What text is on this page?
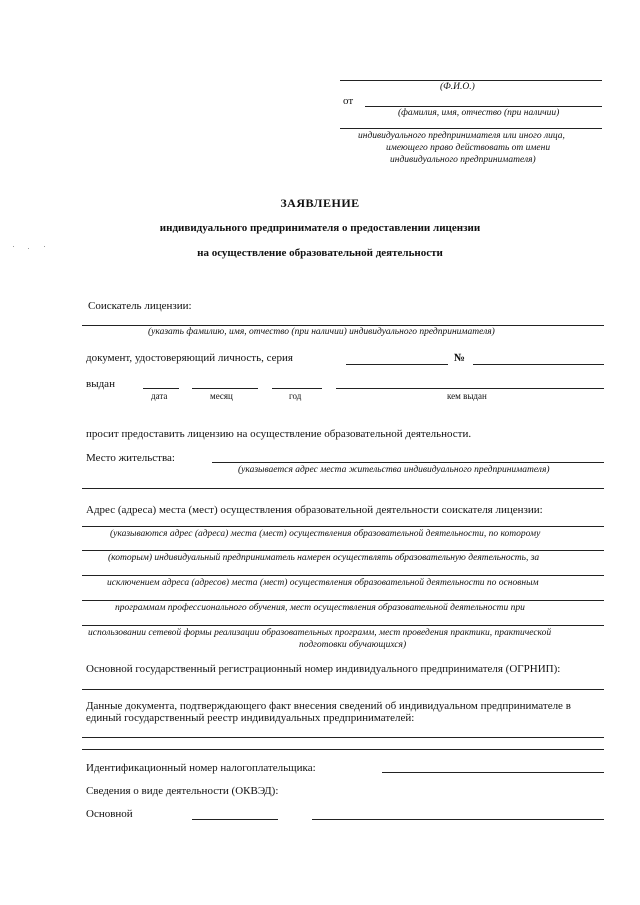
(Ф.И.О.)
от
(фамилия, имя, отчество (при наличии)
индивидуального предпринимателя или иного лица,
имеющего право действовать от имени
индивидуального предпринимателя)
ЗАЯВЛЕНИЕ
индивидуального предпринимателя о предоставлении лицензии
на осуществление образовательной деятельности
Соискатель лицензии:
(указать фамилию, имя, отчество (при наличии) индивидуального предпринимателя)
документ, удостоверяющий личность, серия	№
выдан
дата	месяц	год	кем выдан
просит предоставить лицензию на осуществление образовательной деятельности.
Место жительства:
(указывается адрес места жительства индивидуального предпринимателя)
Адрес (адреса) места (мест) осуществления образовательной деятельности соискателя лицензии:
(указываются адрес (адреса) места (мест) осуществления образовательной деятельности, по которому
(которым) индивидуальный предприниматель намерен осуществлять образовательную деятельность, за
исключением адреса (адресов) места (мест) осуществления образовательной деятельности по основным
программам профессионального обучения, мест осуществления образовательной деятельности при
использовании сетевой формы реализации образовательных программ, мест проведения практики, практической
подготовки обучающихся)
Основной государственный регистрационный номер индивидуального предпринимателя (ОГРНИП):
Данные документа, подтверждающего факт внесения сведений об индивидуальном предпринимателе в
единый государственный реестр индивидуальных предпринимателей:
Идентификационный номер налогоплательщика:
Сведения о виде деятельности (ОКВЭД):
Основной
